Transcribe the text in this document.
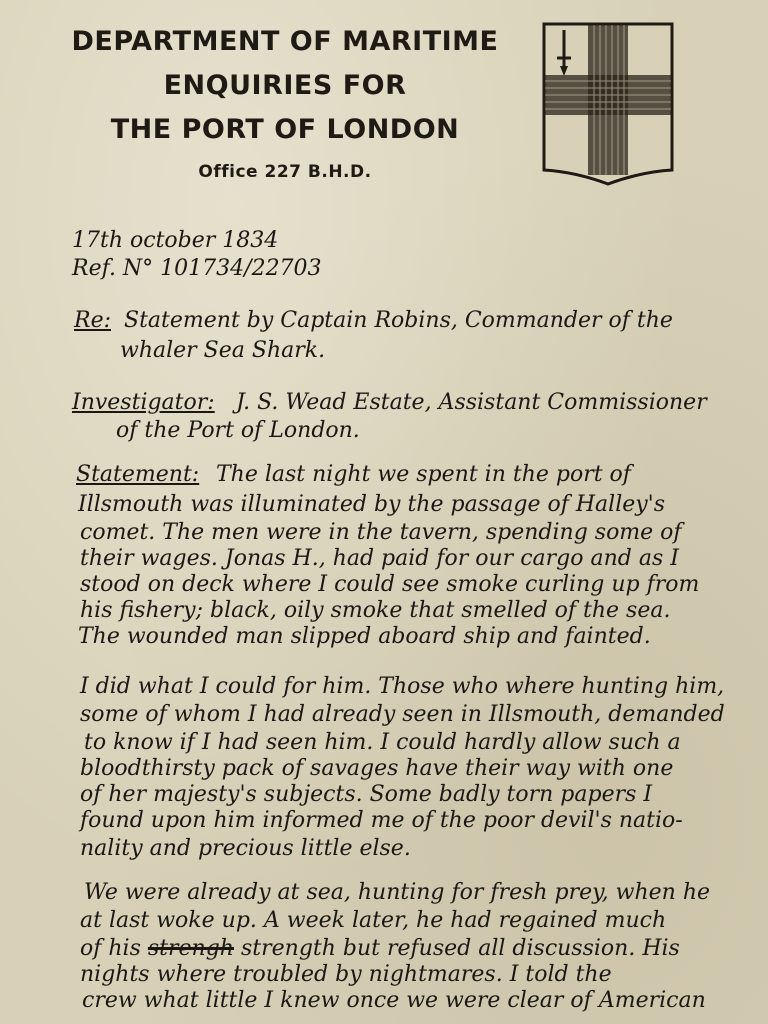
DEPARTMENT OF MARITIME
ENQUIRIES FOR
THE PORT OF LONDON
Office 227 B.H.D.
17th october 1834
Ref. N° 101734/22703
Re: Statement by Captain Robins, Commander of the
whaler Sea Shark.
Investigator: J. S. Wead Estate, Assistant Commissioner
of the Port of London.
Statement: The last night we spent in the port of
Illsmouth was illuminated by the passage of Halley's
comet. The men were in the tavern, spending some of
their wages. Jonas H., had paid for our cargo and as I
stood on deck where I could see smoke curling up from
his fishery; black, oily smoke that smelled of the sea.
The wounded man slipped aboard ship and fainted.
I did what I could for him. Those who where hunting him,
some of whom I had already seen in Illsmouth, demanded
to know if I had seen him. I could hardly allow such a
bloodthirsty pack of savages have their way with one
of her majesty's subjects. Some badly torn papers I
found upon him informed me of the poor devil's natio-
nality and precious little else.
We were already at sea, hunting for fresh prey, when he
at last woke up. A week later, he had regained much
of his strengh strength but refused all discussion. His
nights where troubled by nightmares. I told the
crew what little I knew once we were clear of American
